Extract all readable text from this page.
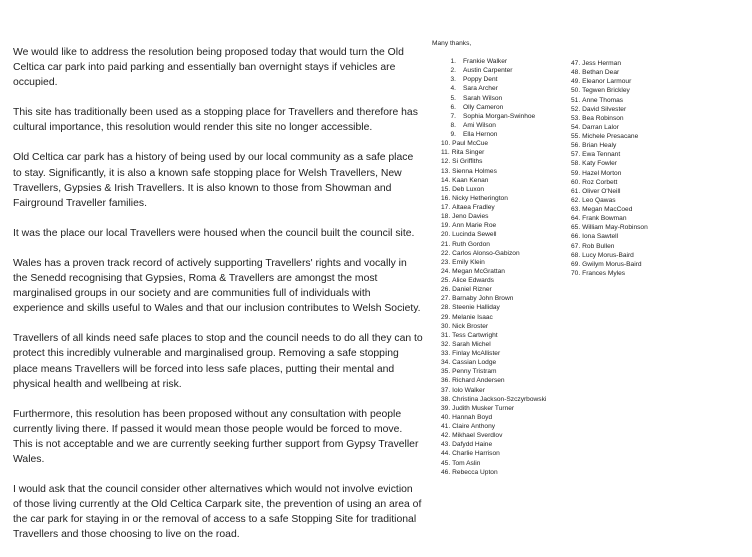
We would like to address the resolution being proposed today that would turn the Old Celtica car park into paid parking and essentially ban overnight stays if vehicles are occupied.

This site has traditionally been used as a stopping place for Travellers and therefore has cultural importance, this resolution would render this site no longer accessible.

Old Celtica car park has a history of being used by our local community as a safe place to stay. Significantly, it is also a known safe stopping place for Welsh Travellers, New Travellers, Gypsies & Irish Travellers. It is also known to those from Showman and Fairground Traveller families.

It was the place our local Travellers were housed when the council built the council site.

Wales has a proven track record of actively supporting Travellers' rights and vocally in the Senedd recognising that Gypsies, Roma & Travellers are amongst the most marginalised groups in our society and are communities full of individuals with experience and skills useful to Wales and that our inclusion contributes to Welsh Society.

Travellers of all kinds need safe places to stop and the council needs to do all they can to protect this incredibly vulnerable and marginalised group. Removing a safe stopping place means Travellers will be forced into less safe places, putting their mental and physical health and wellbeing at risk.

Furthermore, this resolution has been proposed without any consultation with people currently living there. If passed it would mean those people would be forced to move. This is not acceptable and we are currently seeking further support from Gypsy Traveller Wales.

I would ask that the council consider other alternatives which would not involve eviction of those living currently at the Old Celtica Carpark site, the prevention of using an area of the car park for staying in or the removal of access to a safe Stopping Site for traditional Travellers and those choosing to live on the road.

Many thanks,
1. Frankie Walker
2. Austin Carpenter
3. Poppy Dent
4. Sara Archer
5. Sarah Wilson
6. Olly Cameron
7. Sophia Morgan-Swinhoe
8. Ami Wilson
9. Ella Hernon
10. Paul McCue
11. Rita Singer
12. Si Griffiths
13. Sienna Holmes
14. Kaan Kenan
15. Deb Luxon
16. Nicky Hetherington
17. Altaea Fradley
18. Jeno Davies
19. Ann Marie Roe
20. Lucinda Sewell
21. Ruth Gordon
22. Carlos Alonso-Gabizon
23. Emily Klein
24. Megan McGrattan
25. Alice Edwards
26. Daniel Rizner
27. Barnaby John Brown
28. Steenie Halliday
29. Melanie Isaac
30. Nick Broster
31. Tess Cartwright
32. Sarah Michel
33. Finlay McAllister
34. Cassian Lodge
35. Penny Tristram
36. Richard Andersen
37. Iolo Walker
38. Christina Jackson-Szczyrbowski
39. Judith Musker Turner
40. Hannah Boyd
41. Claire Anthony
42. Mikhael Sverdlov
43. Dafydd Haine
44. Charlie Harrison
45. Tom Aslin
46. Rebecca Upton
47. Jess Herman
48. Bethan Dear
49. Eleanor Larmour
50. Tegwen Brickley
51. Anne Thomas
52. David Silvester
53. Bea Robinson
54. Darran Lalor
55. Michele Presacane
56. Brian Healy
57. Ewa Tennant
58. Katy Fowler
59. Hazel Morton
60. Roz Corbett
61. Oliver O'Neill
62. Leo Qawas
63. Megan MacCoed
64. Frank Bowman
65. William May-Robinson
66. Iona Sawtell
67. Rob Bullen
68. Lucy Morus-Baird
69. Gwilym Morus-Baird
70. Frances Myles
